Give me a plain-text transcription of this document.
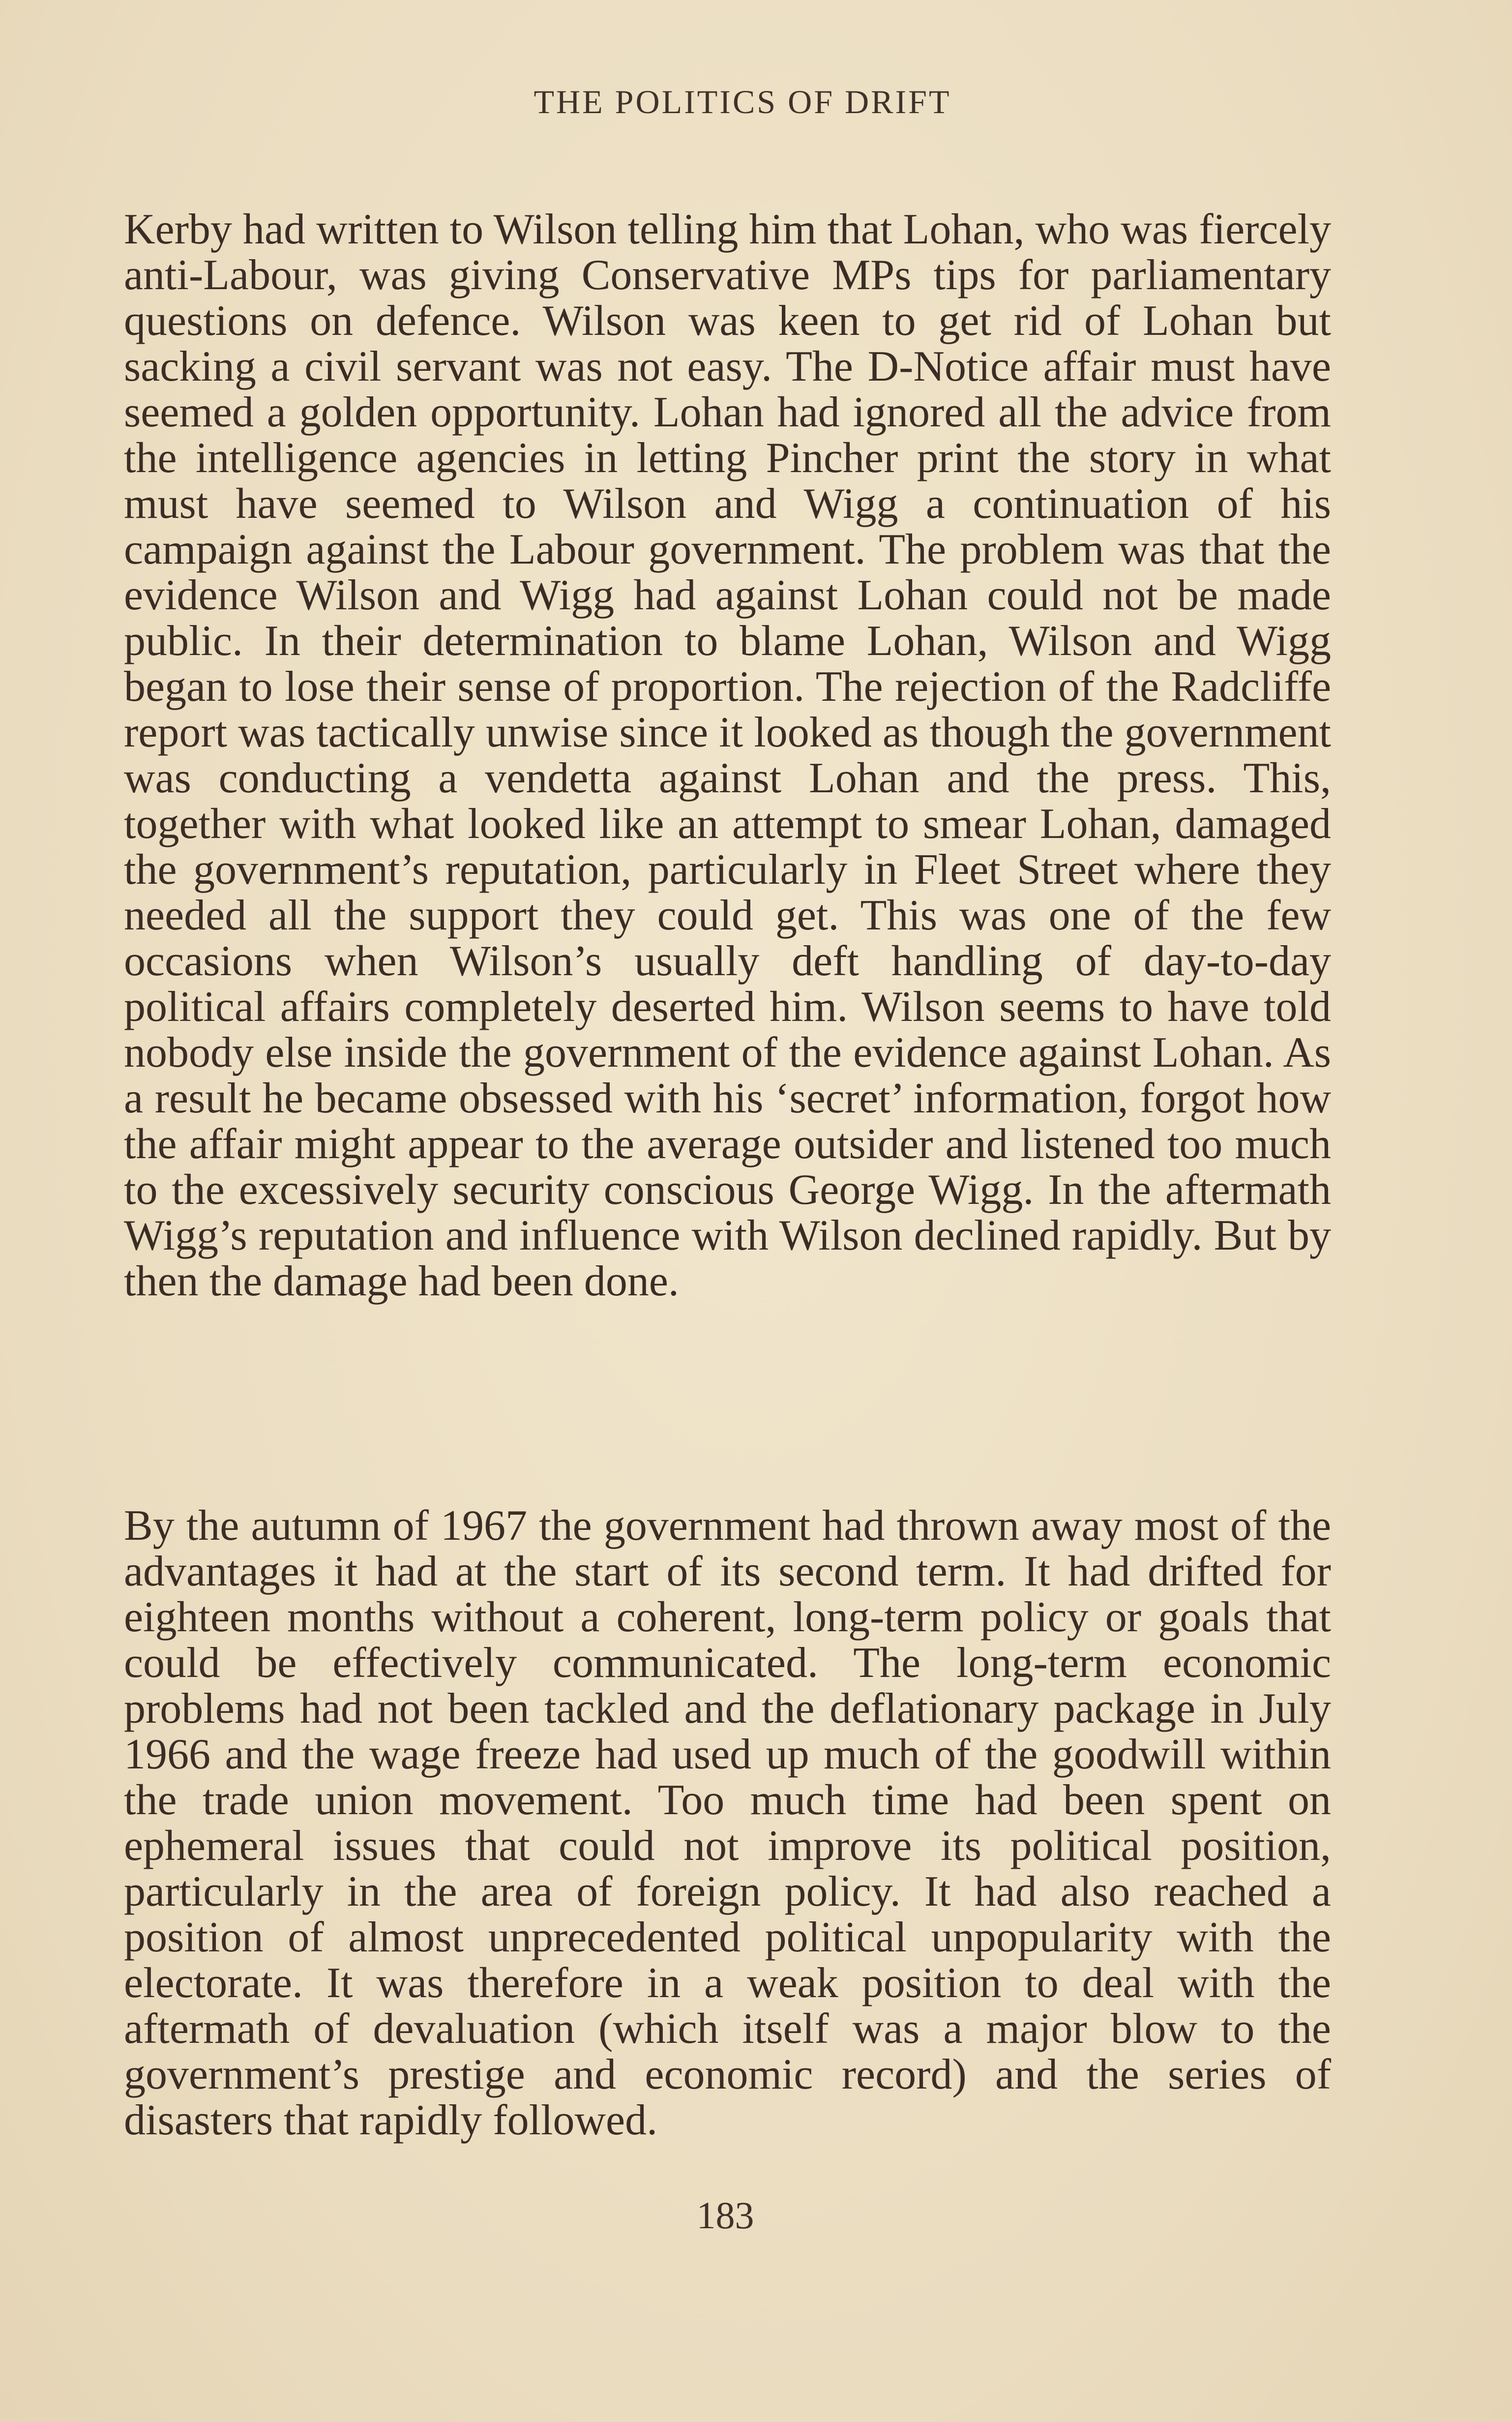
THE POLITICS OF DRIFT

Kerby had written to Wilson telling him that Lohan, who was fiercely anti-Labour, was giving Conservative MPs tips for parliamentary questions on defence. Wilson was keen to get rid of Lohan but sacking a civil servant was not easy. The D-Notice affair must have seemed a golden opportunity. Lohan had ignored all the advice from the intelligence agencies in letting Pincher print the story in what must have seemed to Wilson and Wigg a continuation of his campaign against the Labour government. The problem was that the evidence Wilson and Wigg had against Lohan could not be made public. In their determination to blame Lohan, Wilson and Wigg began to lose their sense of proportion. The rejection of the Radcliffe report was tactically unwise since it looked as though the government was conducting a vendetta against Lohan and the press. This, together with what looked like an attempt to smear Lohan, damaged the government’s reputation, particularly in Fleet Street where they needed all the support they could get. This was one of the few occasions when Wilson’s usually deft handling of day-to-day political affairs completely deserted him. Wilson seems to have told nobody else inside the government of the evidence against Lohan. As a result he became obsessed with his ‘secret’ information, forgot how the affair might appear to the average outsider and listened too much to the excessively security conscious George Wigg. In the aftermath Wigg’s reputation and influence with Wilson declined rapidly. But by then the damage had been done.

By the autumn of 1967 the government had thrown away most of the advantages it had at the start of its second term. It had drifted for eighteen months without a coherent, long-term policy or goals that could be effectively communicated. The long-term economic problems had not been tackled and the deflationary package in July 1966 and the wage freeze had used up much of the goodwill within the trade union movement. Too much time had been spent on ephemeral issues that could not improve its political position, particularly in the area of foreign policy. It had also reached a position of almost unprecedented political unpopularity with the electorate. It was therefore in a weak position to deal with the aftermath of devaluation (which itself was a major blow to the government’s prestige and economic record) and the series of disasters that rapidly followed.

183
